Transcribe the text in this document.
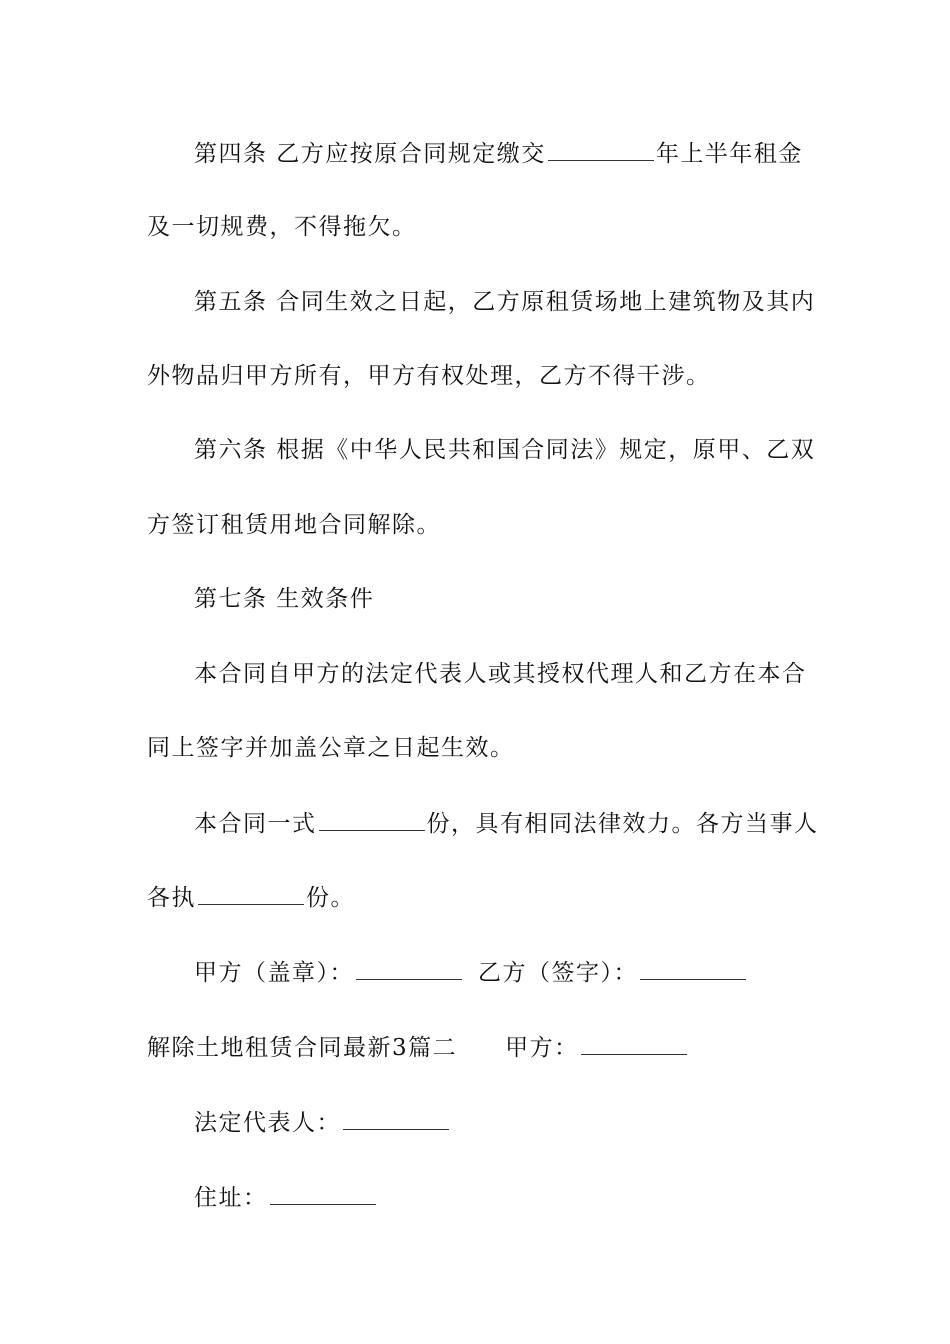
第四条 乙方应按原合同规定缴交	年上半年租金
及一切规费，不得拖欠。
第五条 合同生效之日起，乙方原租赁场地上建筑物及其内
外物品归甲方所有，甲方有权处理，乙方不得干涉。
第六条 根据《中华人民共和国合同法》规定，原甲、乙双
方签订租赁用地合同解除。
第七条 生效条件
本合同自甲方的法定代表人或其授权代理人和乙方在本合
同上签字并加盖公章之日起生效。
本合同一式	份，具有相同法律效力。各方当事人
各执	份。
甲方（盖章）：	乙方（签字）：
解除土地租赁合同最新3篇二 甲方：
法定代表人：
住址：
